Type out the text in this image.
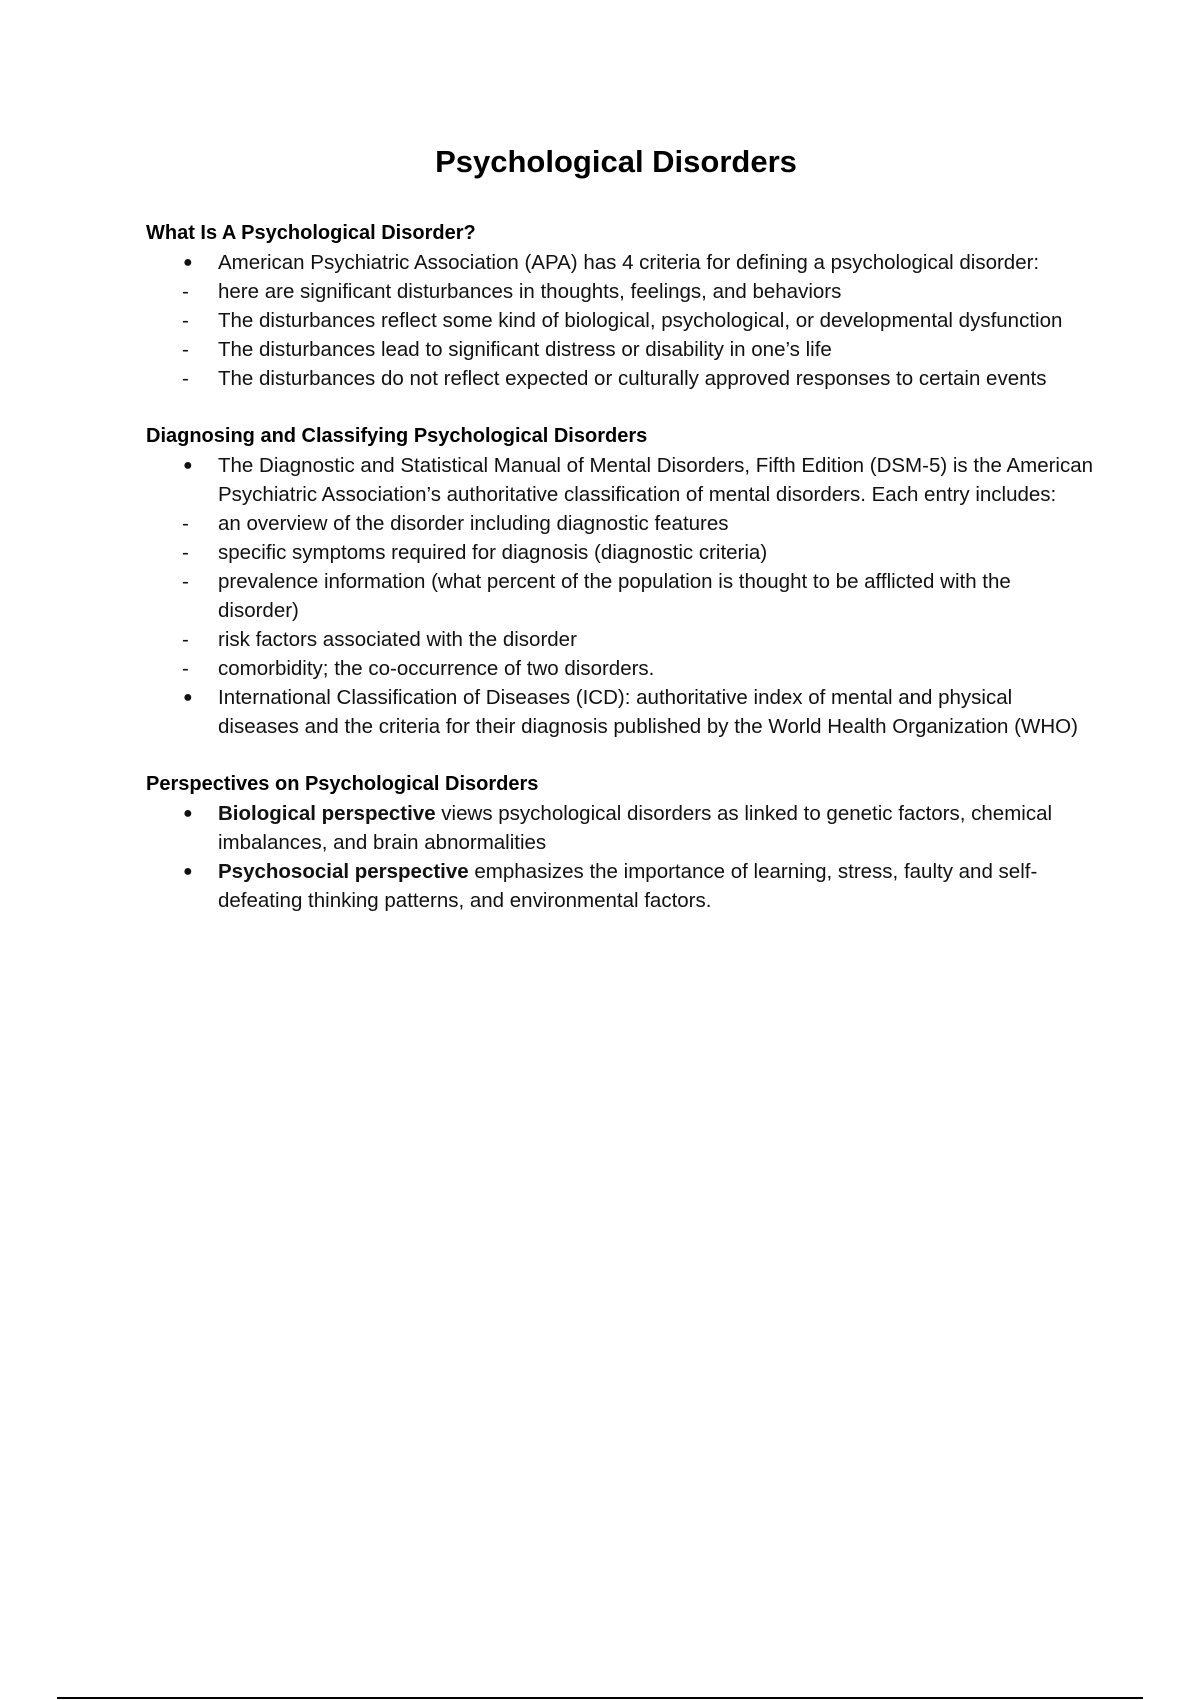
Psychological Disorders

What Is A Psychological Disorder?

● American Psychiatric Association (APA) has 4 criteria for defining a psychological disorder:
- here are significant disturbances in thoughts, feelings, and behaviors
- The disturbances reflect some kind of biological, psychological, or developmental dysfunction
- The disturbances lead to significant distress or disability in one’s life
- The disturbances do not reflect expected or culturally approved responses to certain events

Diagnosing and Classifying Psychological Disorders

● The Diagnostic and Statistical Manual of Mental Disorders, Fifth Edition (DSM-5) is the American Psychiatric Association’s authoritative classification of mental disorders. Each entry includes:
- an overview of the disorder including diagnostic features
- specific symptoms required for diagnosis (diagnostic criteria)
- prevalence information (what percent of the population is thought to be afflicted with the disorder)
- risk factors associated with the disorder
- comorbidity; the co-occurrence of two disorders.
● International Classification of Diseases (ICD): authoritative index of mental and physical diseases and the criteria for their diagnosis published by the World Health Organization (WHO)

Perspectives on Psychological Disorders

● Biological perspective views psychological disorders as linked to genetic factors, chemical imbalances, and brain abnormalities
● Psychosocial perspective emphasizes the importance of learning, stress, faulty and self- defeating thinking patterns, and environmental factors.
